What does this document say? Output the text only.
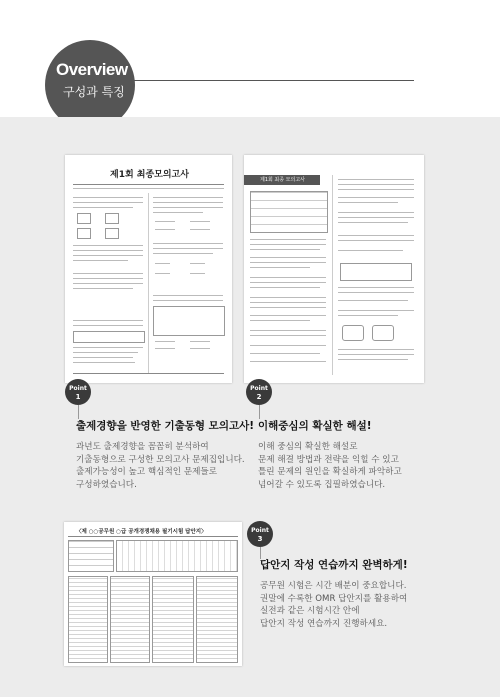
Overview
구성과 특징
제1회 최종모의고사	제1회 최종 모의고사
Point
1
출제경향을 반영한 기출동형 모의고사!
과년도 출제경향을 꼼꼼히 분석하여
기출동형으로 구성한 모의고사 문제집입니다.
출제가능성이 높고 핵심적인 문제들로
구성하였습니다.
Point
2
이해중심의 확실한 해설!
이해 중심의 확실한 해설로
문제 해결 방법과 전략을 익힐 수 있고
틀린 문제의 원인을 확실하게 파악하고
넘어갈 수 있도록 집필하였습니다.
〈제 ○○공무원 ○급 공개경쟁채용 필기시험 답안지〉	Point
3
답안지 작성 연습까지 완벽하게!
공무원 시험은 시간 배분이 중요합니다.
권말에 수록한 OMR 답안지를 활용하여
실전과 같은 시험시간 안에
답안지 작성 연습까지 진행하세요.
